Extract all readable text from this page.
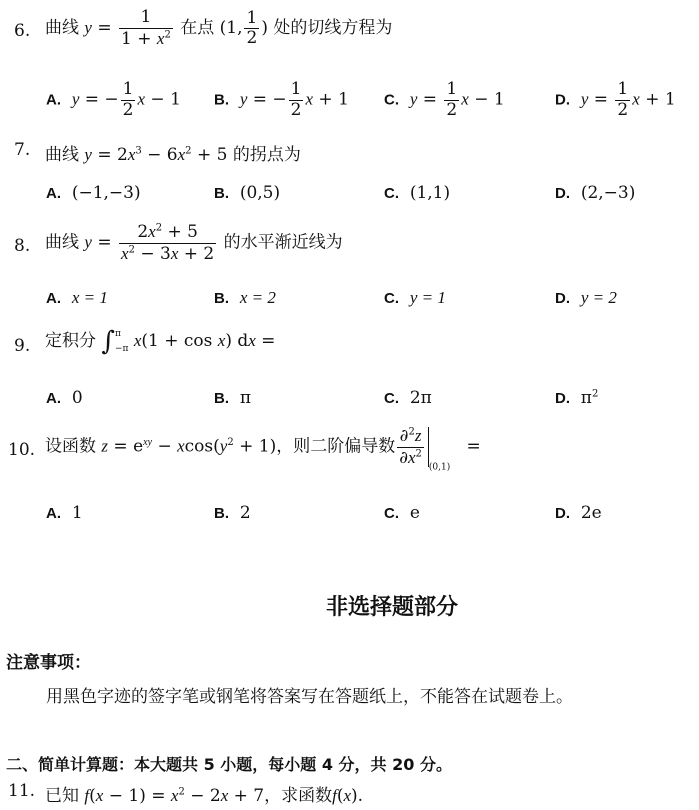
6. 曲线 $y = \frac{1}{1 + x^2}$ 在点 (1, $\frac{1}{2}$ ) 处的切线方程为
A. y = − $\frac{1}{2}$ x − 1 B. y = − $\frac{1}{2}$ x + 1 C. $y = \frac{1}{2}$ x − 1	D. $y = \frac{1}{2}$ x + 1
7. 曲线 $y = 2x^3 - 6x^2 + 5$ 的拐点为
A. (−1,−3)	B. (0,5)	C. (1,1)	D. (2,−3)
8. 曲线 $y = \frac{2x^2 + 5}{x^2 - 3x + 2}$ 的水平渐近线为
A. x = 1	B. x = 2	C. y = 1	D. y = 2
9. 定积分 ∫ π
−π x(1 + cos x) dx =
A. 0	B. π	C. 2π	D.  $\pi^2$
10. 设函数 $z = e^{xy} - xcos(y^2 + 1)$，则二阶偏导数 $\frac{\partial^2z}{\partial x^2} _{(0,1)}$   =
A. 1	B. 2	C. e	D. 2e
非选择题部分
注意事项：
用黑色字迹的签字笔或钢笔将答案写在答题纸上，不能答在试题卷上。
二、简单计算题：本大题共 5 小题，每小题 4 分，共 20 分。
11. 已知 $f(x - 1) = x^2 - 2x + 7$，求函数f(x).
